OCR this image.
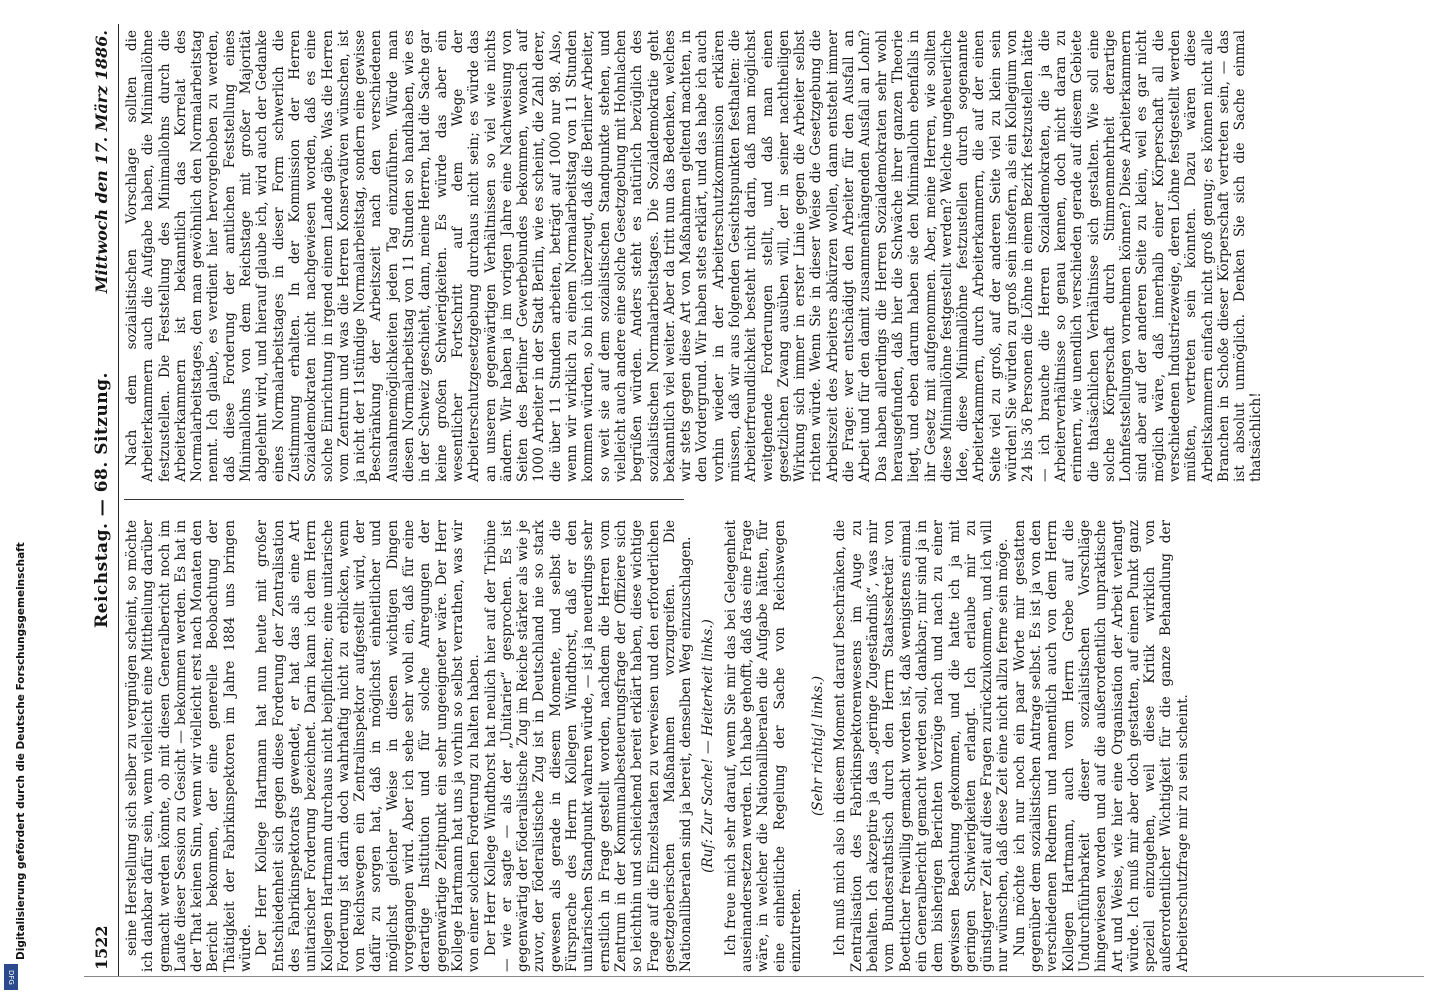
1522
Reichstag. — 68. Sitzung.
Mittwoch den 17. März 1886.

seine Herstellung sich selber zu vergnügen scheint, so möchte ich dankbar dafür sein, wenn vielleicht eine Mittheilung darüber gemacht werden könnte, ob mit diesen Generalbericht noch im Laufe dieser Session zu Gesicht — bekommen werden. Es hat in der That keinen Sinn, wenn wir vielleicht erst nach Monaten den Bericht bekommen, der eine generelle Beobachtung der Thätigkeit der Fabrikinspektoren im Jahre 1884 uns bringen würde. Der Herr Kollege Hartmann hat nun heute mit großer Entschiedenheit sich gegen diese Forderung der Zentralisation des Fabrikinspektorats gewendet, er hat das als eine Art unitarischer Forderung bezeichnet. Darin kann ich dem Herrn Kollegen Hartmann durchaus nicht beipflichten; eine unitarische Forderung ist darin doch wahrhaftig nicht zu erblicken, wenn von Reichswegen ein Zentralinspektor aufgestellt wird, der dafür zu sorgen hat, daß in möglichst einheitlicher und möglichst gleicher Weise in diesen wichtigen Dingen vorgegangen wird. Aber ich sehe sehr wohl ein, daß für eine derartige Institution und für solche Anregungen der gegenwärtige Zeitpunkt ein sehr ungeeigneter wäre. Der Herr Kollege Hartmann hat uns ja vorhin so selbst verrathen, was wir von einer solchen Forderung zu halten haben. Der Herr Kollege Windthorst hat neulich hier auf der Tribüne — wie er sagte — als der „Unitarier“ gesprochen. Es ist gegenwärtig der föderalistische Zug im Reiche stärker als wie je zuvor, der föderalistische Zug ist in Deutschland nie so stark gewesen als gerade in diesem Momente, und selbst die Fürsprache des Herrn Kollegen Windthorst, daß er den unitarischen Standpunkt wahren würde, — ist ja neuerdings sehr ernstlich in Frage gestellt worden, nachdem die Herren vom Zentrum in der Kommunalbesteuerungsfrage der Offiziere sich so leichthin und schleichend bereit erklärt haben, diese wichtige Frage auf die Einzelstaaten zu verweisen und den erforderlichen gesetzgeberischen Maßnahmen vorzugreifen. Die Nationalliberalen sind ja bereit, denselben Weg einzuschlagen. (Ruf: Zur Sache! — Heiterkeit links.) Ich freue mich sehr darauf, wenn Sie mir das bei Gelegenheit auseinandersetzen werden. Ich habe gehofft, daß das eine Frage wäre, in welcher die Nationalliberalen die Aufgabe hätten, für eine einheitliche Regelung der Sache von Reichswegen einzutreten.

(Sehr richtig! links.) Ich muß mich also in diesem Moment darauf beschränken, die Zentralisation des Fabrikinspektorenwesens im Auge zu behalten. Ich akzeptire ja das „geringe Zugeständniß“, was mir vom Bundesrathstisch durch den Herrn Staatssekretär von Boetticher freiwillig gemacht worden ist, daß wenigstens einmal ein Generalbericht gemacht werden soll, dankbar; mir sind ja in dem bisherigen Berichten Vorzüge nach und nach zu einer gewissen Beachtung gekommen, und die hatte ich ja mit geringen Schwierigkeiten erlangt. Ich erlaube mir zu günstigerer Zeit auf diese Fragen zurückzukommen, und ich will nur wünschen, daß diese Zeit eine nicht allzu ferne sein möge. Nun möchte ich nur noch ein paar Worte mir gestatten gegenüber dem sozialistischen Antrage selbst. Es ist ja von den verschiedenen Rednern und namentlich auch von dem Herrn Kollegen Hartmann, auch vom Herrn Grebe auf die Undurchführbarkeit dieser sozialistischen Vorschläge hingewiesen worden und auf die außerordentlich unpraktische Art und Weise, wie hier eine Organisation der Arbeit verlangt würde. Ich muß mir aber doch gestatten, auf einen Punkt ganz speziell einzugehen, weil diese Kritik wirklich von außerordentlicher Wichtigkeit für die ganze Behandlung der Arbeiterschutzfrage mir zu sein scheint.

Nach dem sozialistischen Vorschlage sollten die Arbeiterkammern auch die Aufgabe haben, die Minimallöhne festzustellen. Die Feststellung des Minimallohns durch die Arbeiterkammern ist bekanntlich das Korrelat des Normalarbeitstages, den man gewöhnlich den Normalarbeitstag nennt. Ich glaube, es verdient hier hervorgehoben zu werden, daß diese Forderung der amtlichen Feststellung eines Minimallohns von dem Reichstage mit großer Majorität abgelehnt wird, und hierauf glaube ich, wird auch der Gedanke eines Normalarbeitstages in dieser Form schwerlich die Zustimmung erhalten. In der Kommission der Herren Sozialdemokraten nicht nachgewiesen worden, daß es eine solche Einrichtung in irgend einem Lande gäbe. Was die Herren vom Zentrum und was die Herren Konservativen wünschen, ist ja nicht der 11stündige Normalarbeitstag, sondern eine gewisse Beschränkung der Arbeitszeit nach den verschiedenen Ausnahmemöglichkeiten jeden Tag einzuführen. Würde man diesen Normalarbeitstag von 11 Stunden so handhaben, wie es in der Schweiz geschieht, dann, meine Herren, hat die Sache gar keine großen Schwierigkeiten. Es würde das aber ein wesentlicher Fortschritt auf dem Wege der Arbeiterschutzgesetzgebung durchaus nicht sein; es würde das an unseren gegenwärtigen Verhältnissen so viel wie nichts ändern. Wir haben ja im vorigen Jahre eine Nachweisung von Seiten des Berliner Gewerbebundes bekommen, wonach auf 1000 Arbeiter in der Stadt Berlin, wie es scheint, die Zahl derer, die über 11 Stunden arbeiten, beträgt auf 1000 nur 98. Also, wenn wir wirklich zu einem Normalarbeitstag von 11 Stunden kommen würden, so bin ich überzeugt, daß die Berliner Arbeiter, so weit sie auf dem sozialistischen Standpunkte stehen, und vielleicht auch andere eine solche Gesetzgebung mit Hohnlachen begrüßen würden. Anders steht es natürlich bezüglich des sozialistischen Normalarbeitstages. Die Sozialdemokratie geht bekanntlich viel weiter. Aber da tritt nun das Bedenken, welches wir stets gegen diese Art von Maßnahmen geltend machten, in den Vordergrund. Wir haben stets erklärt, und das habe ich auch vorhin wieder in der Arbeiterschutzkommission erklären müssen, daß wir aus folgenden Gesichtspunkten festhalten: die Arbeiterfreundlichkeit besteht nicht darin, daß man möglichst weitgehende Forderungen stellt, und daß man einen gesetzlichen Zwang ausüben will, der in seiner nachtheiligen Wirkung sich immer in erster Linie gegen die Arbeiter selbst richten würde. Wenn Sie in dieser Weise die Gesetzgebung die Arbeitszeit des Arbeiters abkürzen wollen, dann entsteht immer die Frage: wer entschädigt den Arbeiter für den Ausfall an Arbeit und für den damit zusammenhängenden Ausfall an Lohn? Das haben allerdings die Herren Sozialdemokraten sehr wohl herausgefunden, daß hier die Schwäche ihrer ganzen Theorie liegt, und eben darum haben sie den Minimallohn ebenfalls in ihr Gesetz mit aufgenommen. Aber, meine Herren, wie sollten diese Minimallöhne festgestellt werden? Welche ungeheuerliche Idee, diese Minimallöhne festzustellen durch sogenannte Arbeiterkammern, durch Arbeiterkammern, die auf der einen Seite viel zu groß, auf der anderen Seite viel zu klein sein würden! Sie würden zu groß sein insofern, als ein Kollegium von 24 bis 36 Personen die Löhne in einem Bezirk festzustellen hätte — ich brauche die Herren Sozialdemokraten, die ja die Arbeiterverhältnisse so genau kennen, doch nicht daran zu erinnern, wie unendlich verschieden gerade auf diesem Gebiete die thatsächlichen Verhältnisse sich gestalten. Wie soll eine solche Körperschaft durch Stimmenmehrheit derartige Lohnfeststellungen vornehmen können? Diese Arbeiterkammern sind aber auf der anderen Seite zu klein, weil es gar nicht möglich wäre, daß innerhalb einer Körperschaft all die verschiedenen Industriezweige, deren Löhne festgestellt werden müßten, vertreten sein könnten. Dazu wären diese Arbeitskammern einfach nicht groß genug; es können nicht alle Branchen in Schoße dieser Körperschaft vertreten sein, — das ist absolut unmöglich. Denken Sie sich die Sache einmal thatsächlich!

Digitalisierung gefördert durch die Deutsche Forschungsgemeinschaft
DFG
